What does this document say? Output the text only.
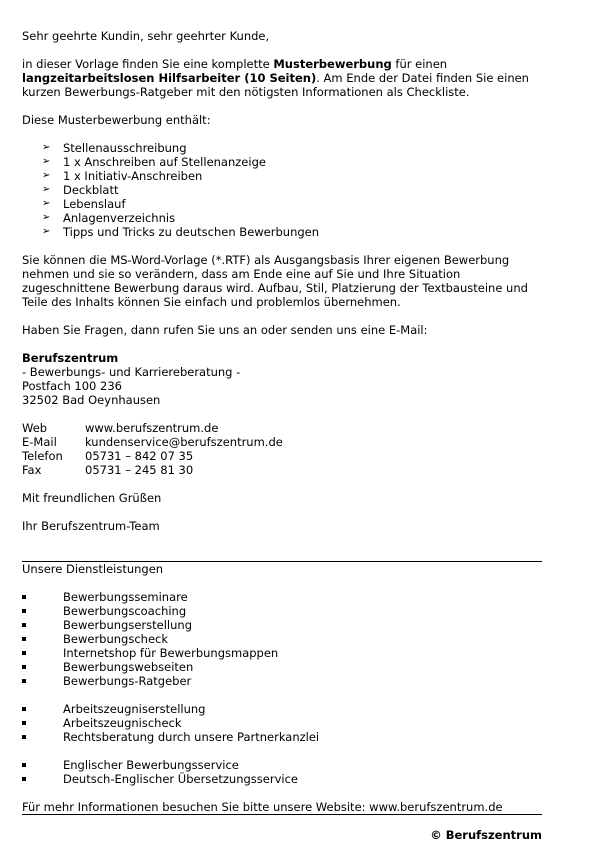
Sehr geehrte Kundin, sehr geehrter Kunde,

in dieser Vorlage finden Sie eine komplette Musterbewerbung für einen
langzeitarbeitslosen Hilfsarbeiter (10 Seiten). Am Ende der Datei finden Sie einen
kurzen Bewerbungs-Ratgeber mit den nötigsten Informationen als Checkliste.

Diese Musterbewerbung enthält:

➢ Stellenausschreibung
➢ 1 x Anschreiben auf Stellenanzeige
➢ 1 x Initiativ-Anschreiben
➢ Deckblatt
➢ Lebenslauf
➢ Anlagenverzeichnis
➢ Tipps und Tricks zu deutschen Bewerbungen

Sie können die MS-Word-Vorlage (*.RTF) als Ausgangsbasis Ihrer eigenen Bewerbung
nehmen und sie so verändern, dass am Ende eine auf Sie und Ihre Situation
zugeschnittene Bewerbung daraus wird. Aufbau, Stil, Platzierung der Textbausteine und
Teile des Inhalts können Sie einfach und problemlos übernehmen.

Haben Sie Fragen, dann rufen Sie uns an oder senden uns eine E-Mail:

Berufszentrum

- Bewerbungs- und Karriereberatung -

Postfach 100 236

32502 Bad Oeynhausen

Web	www.berufszentrum.de
E-Mail	kundenservice@berufszentrum.de
Telefon	05731 – 842 07 35
Fax	05731 – 245 81 30

Mit freundlichen Grüßen

Ihr Berufszentrum-Team

Unsere Dienstleistungen

Bewerbungsseminare
Bewerbungscoaching
Bewerbungserstellung
Bewerbungscheck
Internetshop für Bewerbungsmappen
Bewerbungswebseiten
Bewerbungs-Ratgeber
Arbeitszeugniserstellung
Arbeitszeugnischeck
Rechtsberatung durch unsere Partnerkanzlei
Englischer Bewerbungsservice
Deutsch-Englischer Übersetzungsservice

Für mehr Informationen besuchen Sie bitte unsere Website: www.berufszentrum.de

© Berufszentrum
